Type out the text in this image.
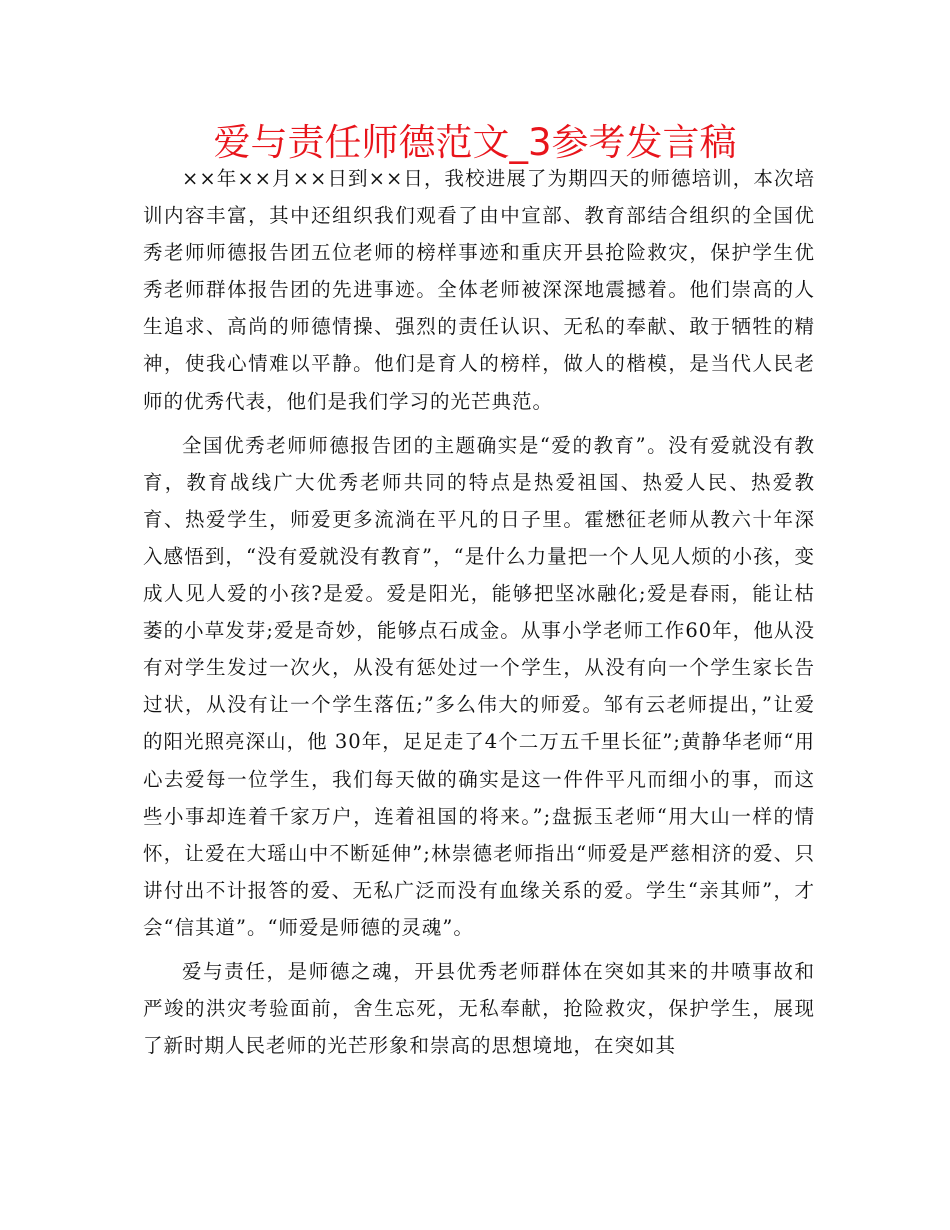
爱与责任师德范文_3参考发言稿

××年××月××日到××日，我校进展了为期四天的师德培训，本次培训内容丰富，其中还组织我们观看了由中宣部、教育部结合组织的全国优秀老师师德报告团五位老师的榜样事迹和重庆开县抢险救灾，保护学生优秀老师群体报告团的先进事迹。全体老师被深深地震撼着。他们崇高的人生追求、高尚的师德情操、强烈的责任认识、无私的奉献、敢于牺牲的精神，使我心情难以平静。他们是育人的榜样，做人的楷模，是当代人民老师的优秀代表，他们是我们学习的光芒典范。

全国优秀老师师德报告团的主题确实是“爱的教育”。没有爱就没有教育，教育战线广大优秀老师共同的特点是热爱祖国、热爱人民、热爱教育、热爱学生，师爱更多流淌在平凡的日子里。霍懋征老师从教六十年深入感悟到，“没有爱就没有教育”，“是什么力量把一个人见人烦的小孩，变成人见人爱的小孩?是爱。爱是阳光，能够把坚冰融化;爱是春雨，能让枯萎的小草发芽;爱是奇妙，能够点石成金。从事小学老师工作60年，他从没有对学生发过一次火，从没有惩处过一个学生，从没有向一个学生家长告过状，从没有让一个学生落伍;”多么伟大的师爱。邹有云老师提出，”让爱的阳光照亮深山，他 30年，足足走了4个二万五千里长征”;黄静华老师“用心去爱每一位学生，我们每天做的确实是这一件件平凡而细小的事，而这些小事却连着千家万户，连着祖国的将来。”;盘振玉老师“用大山一样的情怀，让爱在大瑶山中不断延伸”;林崇德老师指出“师爱是严慈相济的爱、只讲付出不计报答的爱、无私广泛而没有血缘关系的爱。学生“亲其师”，才会“信其道”。“师爱是师德的灵魂”。

爱与责任，是师德之魂，开县优秀老师群体在突如其来的井喷事故和严竣的洪灾考验面前，舍生忘死，无私奉献，抢险救灾，保护学生，展现了新时期人民老师的光芒形象和崇高的思想境地，在突如其
